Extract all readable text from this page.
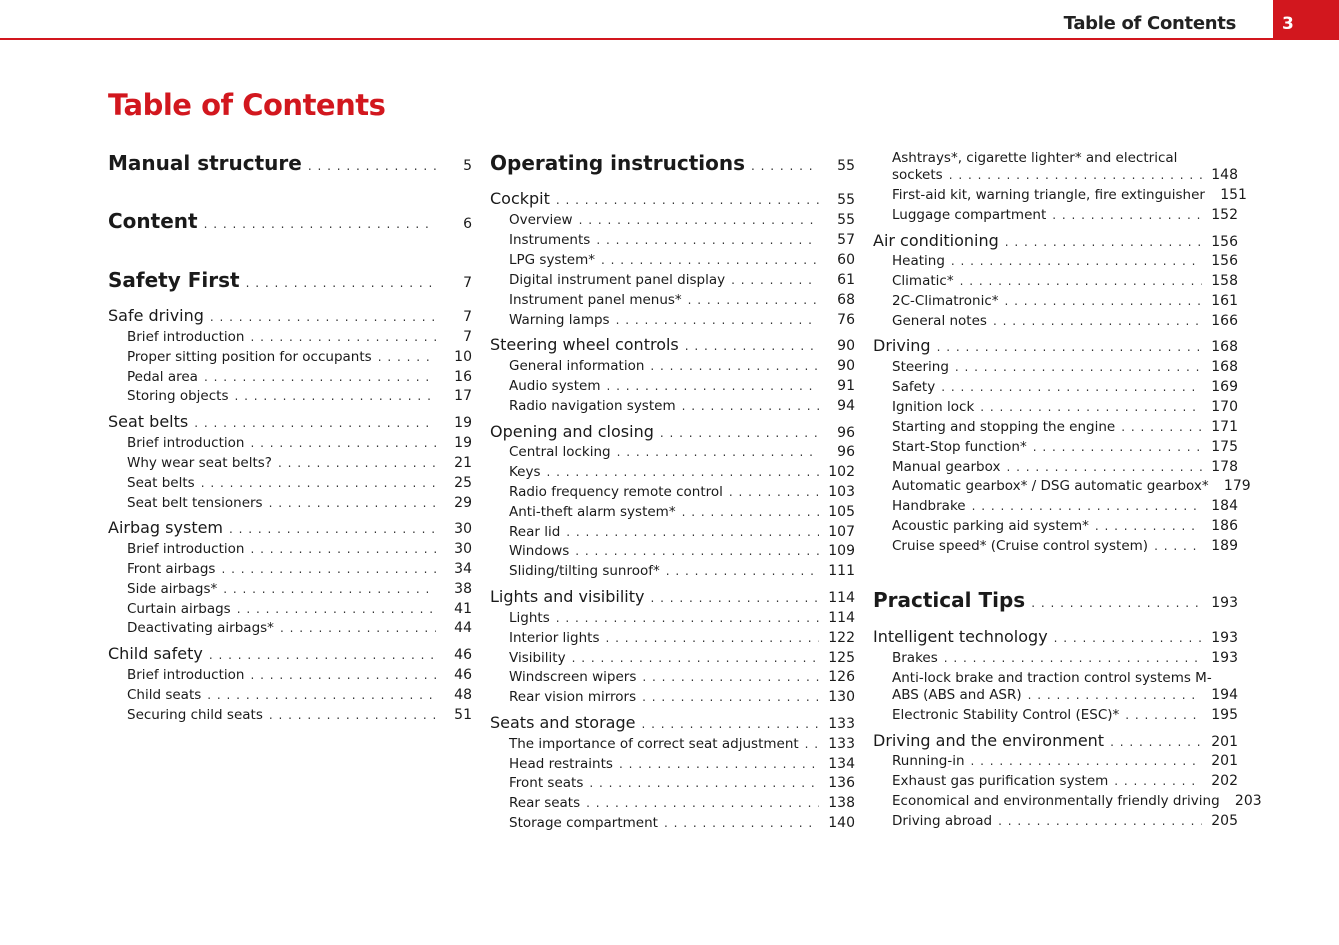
Table of Contents	3
Table of Contents
Manual structure . . .	5
Content . . .	6
Safety First . . .	7
Safe driving . . .	7
Brief introduction . . .	7
Proper sitting position for occupants . . .	10
Pedal area . . .	16
Storing objects . . .	17
Seat belts . . .	19
Brief introduction . . .	19
Why wear seat belts? . . .	21
Seat belts . . .	25
Seat belt tensioners . . .	29
Airbag system . . .	30
Brief introduction . . .	30
Front airbags . . .	34
Side airbags* . . .	38
Curtain airbags . . .	41
Deactivating airbags* . . .	44
Child safety . . .	46
Brief introduction . . .	46
Child seats . . .	48
Securing child seats . . .	51
Operating instructions . . .	55
Cockpit . . .	55
Overview . . .	55
Instruments . . .	57
LPG system* . . .	60
Digital instrument panel display . . .	61
Instrument panel menus* . . .	68
Warning lamps . . .	76
Steering wheel controls . . .	90
General information . . .	90
Audio system . . .	91
Radio navigation system . . .	94
Opening and closing . . .	96
Central locking . . .	96
Keys . . .	102
Radio frequency remote control . . .	103
Anti-theft alarm system* . . .	105
Rear lid . . .	107
Windows . . .	109
Sliding/tilting sunroof* . . .	111
Lights and visibility . . .	114
Lights . . .	114
Interior lights . . .	122
Visibility . . .	125
Windscreen wipers . . .	126
Rear vision mirrors . . .	130
Seats and storage . . .	133
The importance of correct seat adjustment . . . 133
Head restraints . . .	134
Front seats . . .	136
Rear seats . . .	138
Storage compartment . . .	140
Ashtrays*, cigarette lighter* and electrical
sockets . . .	148
First-aid kit, warning triangle, fire extinguisher 151
Luggage compartment . . .	152
Air conditioning . . .	156
Heating . . .	156
Climatic* . . .	158
2C-Climatronic* . . .	161
General notes . . .	166
Driving . . .	168
Steering . . .	168
Safety . . .	169
Ignition lock . . .	170
Starting and stopping the engine . . .	171
Start-Stop function* . . .	175
Manual gearbox . . .	178
Automatic gearbox* / DSG automatic gearbox* 179
Handbrake . . .	184
Acoustic parking aid system* . . .	186
Cruise speed* (Cruise control system) . . .	189
Practical Tips . . .	193
Intelligent technology . . .	193
Brakes . . .	193
Anti-lock brake and traction control systems M-
ABS (ABS and ASR) . . .	194
Electronic Stability Control (ESC)* . . .	195
Driving and the environment . . .	201
Running-in . . .	201
Exhaust gas purification system . . .	202
Economical and environmentally friendly driving 203
Driving abroad . . .	205
